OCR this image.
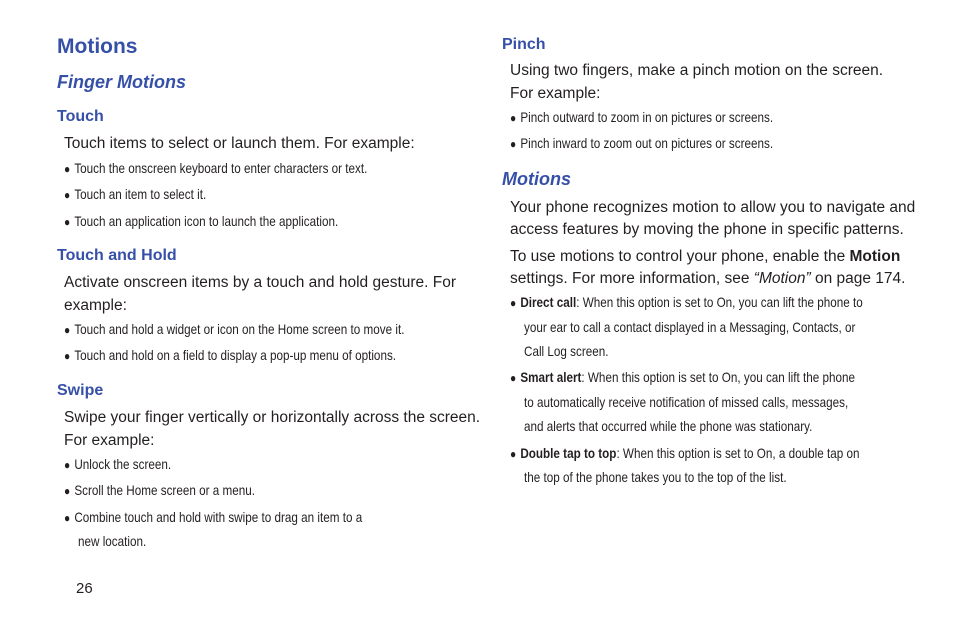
Motions
Finger Motions
Touch

Touch items to select or launch them. For example:

● Touch the onscreen keyboard to enter characters or text.
● Touch an item to select it.
● Touch an application icon to launch the application.
Touch and Hold

Activate onscreen items by a touch and hold gesture. For

example:

● Touch and hold a widget or icon on the Home screen to move it.
● Touch and hold on a field to display a pop-up menu of options.
Swipe

Swipe your finger vertically or horizontally across the screen.

For example:

● Unlock the screen.
● Scroll the Home screen or a menu.
● Combine touch and hold with swipe to drag an item to a
new location.
26
Pinch

Using two fingers, make a pinch motion on the screen.

For example:

● Pinch outward to zoom in on pictures or screens.
● Pinch inward to zoom out on pictures or screens.
Motions

Your phone recognizes motion to allow you to navigate and

access features by moving the phone in specific patterns.

To use motions to control your phone, enable the Motion

settings. For more information, see “Motion” on page 174.

● Direct call: When this option is set to On, you can lift the phone to
your ear to call a contact displayed in a Messaging, Contacts, or
Call Log screen.
● Smart alert: When this option is set to On, you can lift the phone
to automatically receive notification of missed calls, messages,
and alerts that occurred while the phone was stationary.
● Double tap to top: When this option is set to On, a double tap on
the top of the phone takes you to the top of the list.
